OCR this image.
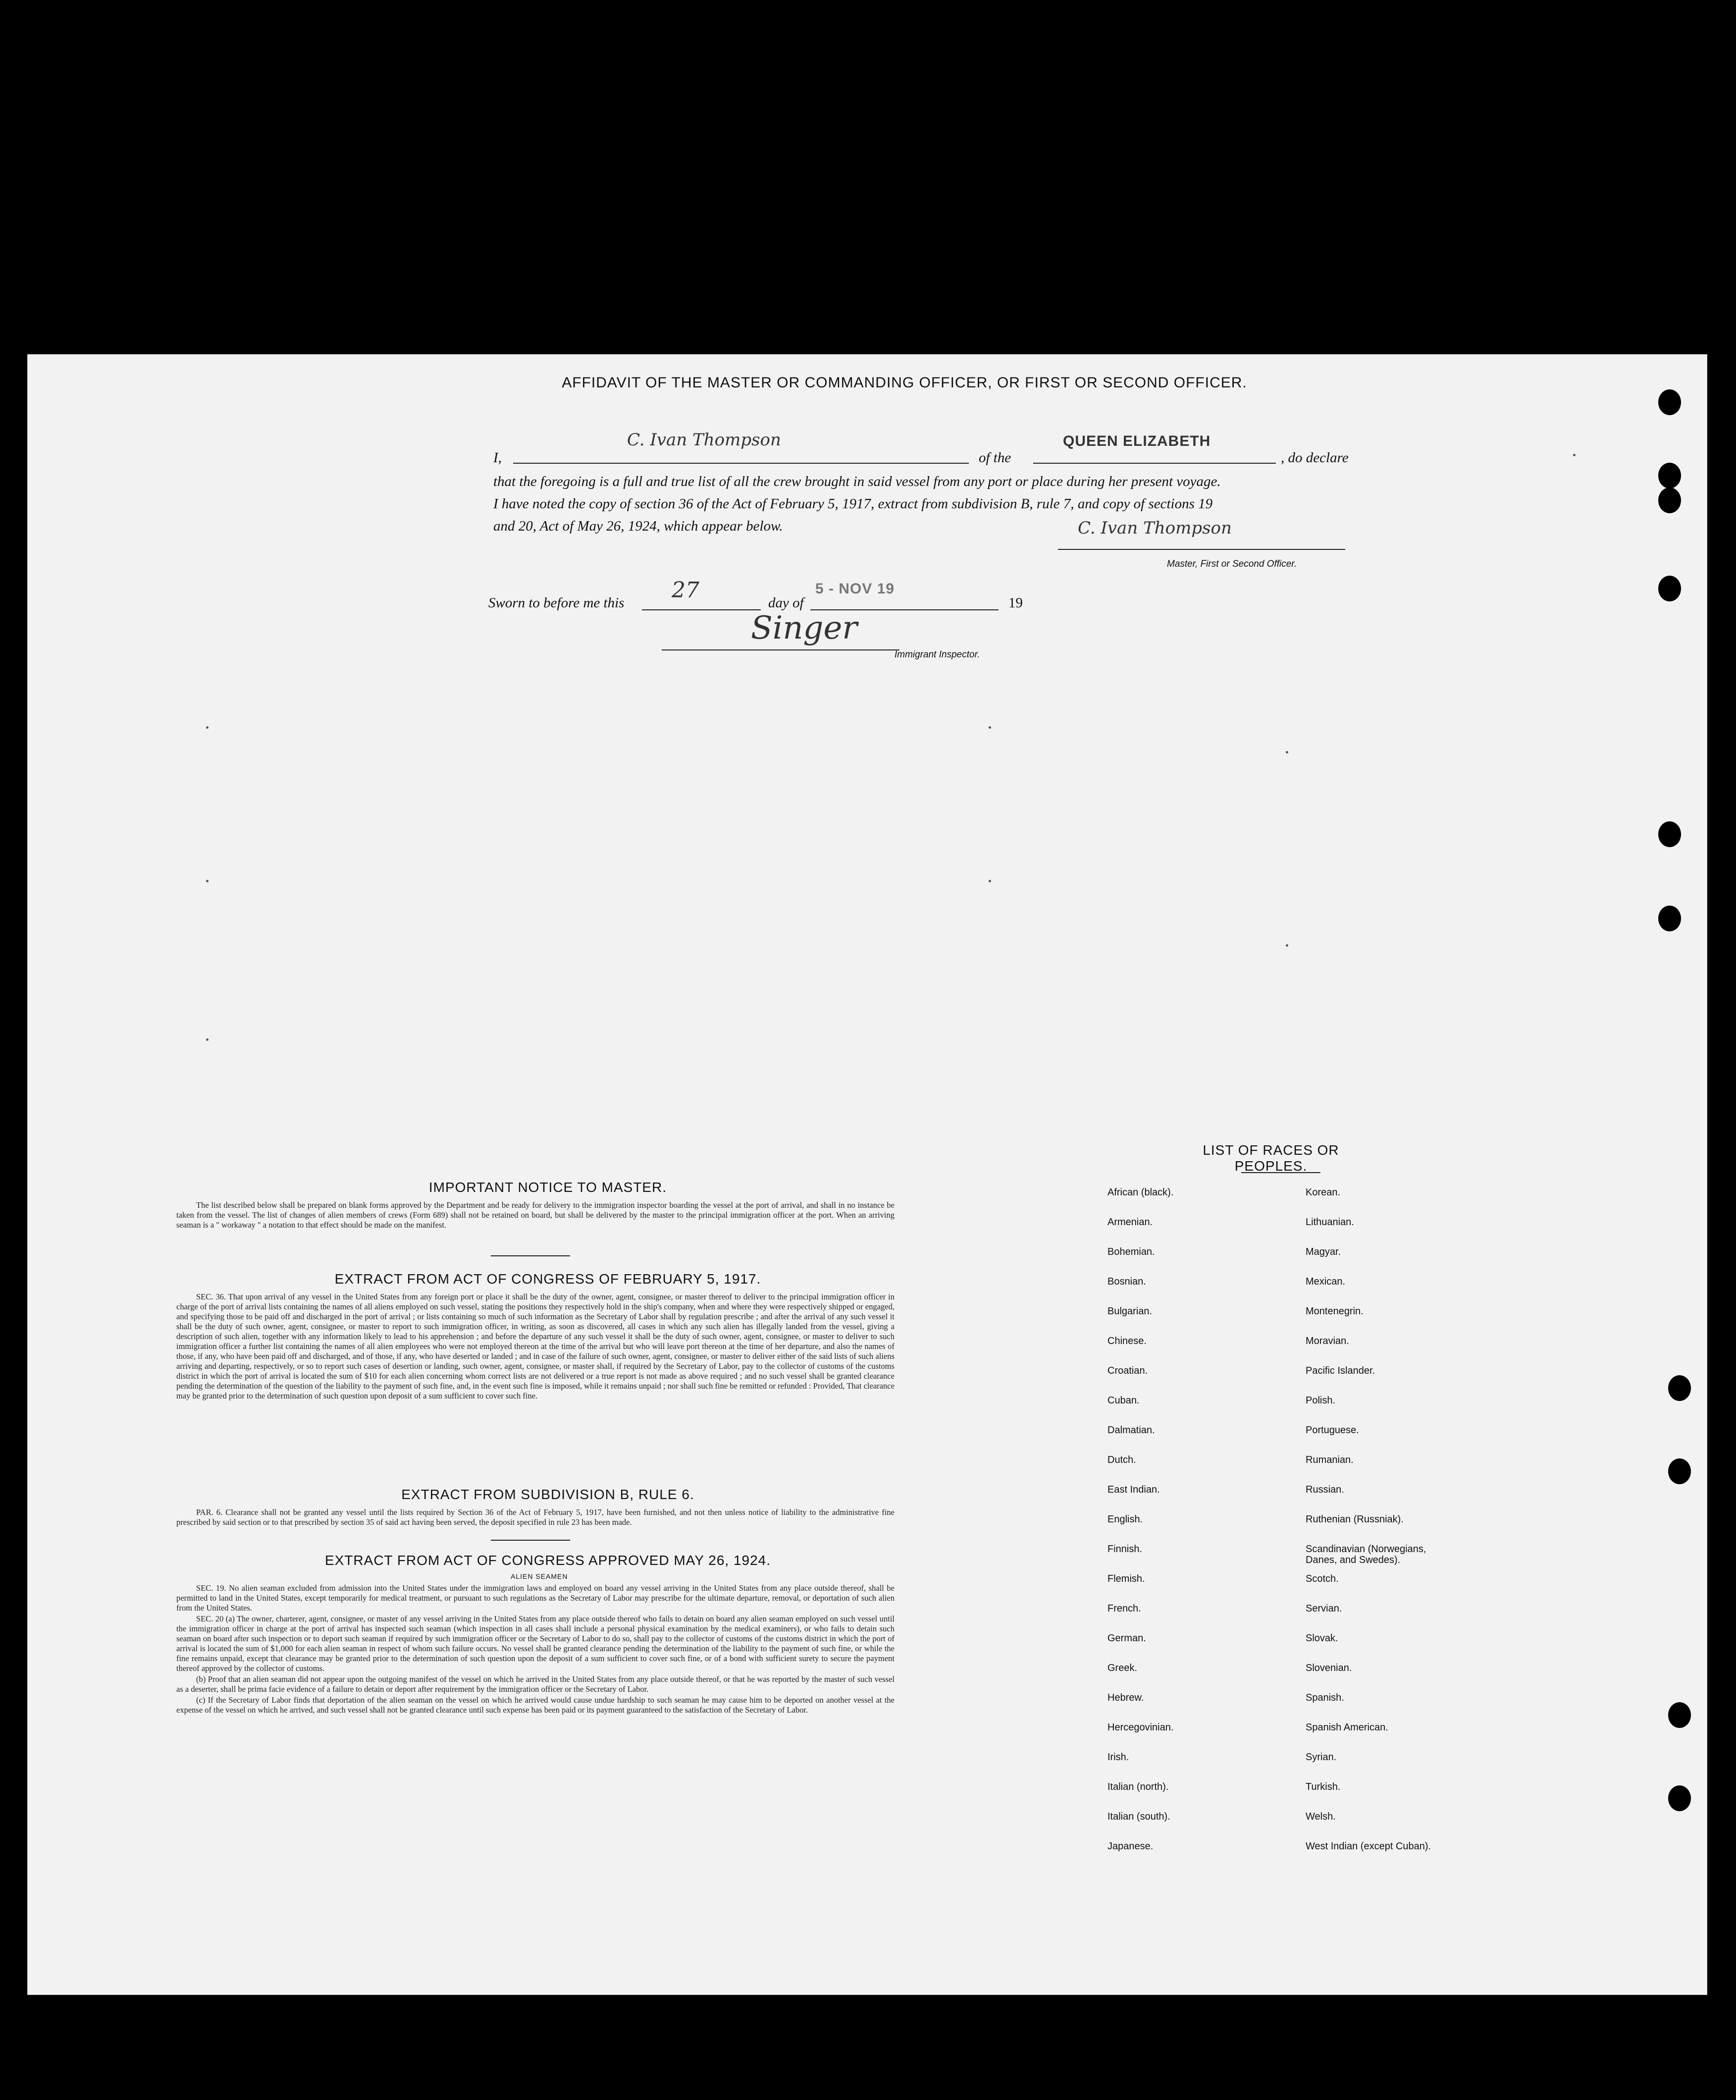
AFFIDAVIT OF THE MASTER OR COMMANDING OFFICER, OR FIRST OR SECOND OFFICER.
I,
C. Ivan Thompson
of the
QUEEN ELIZABETH
, do declare
that the foregoing is a full and true list of all the crew brought in said vessel from any port or place during her present voyage.
I have noted the copy of section 36 of the Act of February 5, 1917, extract from subdivision B, rule 7, and copy of sections 19
and 20, Act of May 26, 1924, which appear below.	C. Ivan Thompson
Master, First or Second Officer.
Sworn to before me this 27	day of
5 - NOV 19
19
Singer
Immigrant Inspector.
IMPORTANT NOTICE TO MASTER.

The list described below shall be prepared on blank forms approved by the Department and be ready for delivery to the immigration inspector boarding the vessel at the port of arrival, and shall in no instance be taken from the vessel. The list of changes of alien members of crews (Form 689) shall not be retained on board, but shall be delivered by the master to the principal immigration officer at the port. When an arriving seaman is a " workaway " a notation to that effect should be made on the manifest.

EXTRACT FROM ACT OF CONGRESS OF FEBRUARY 5, 1917.

SEC. 36. That upon arrival of any vessel in the United States from any foreign port or place it shall be the duty of the owner, agent, consignee, or master thereof to deliver to the principal immigration officer in charge of the port of arrival lists containing the names of all aliens employed on such vessel, stating the positions they respectively hold in the ship's company, when and where they were respectively shipped or engaged, and specifying those to be paid off and discharged in the port of arrival ; or lists containing so much of such information as the Secretary of Labor shall by regulation prescribe ; and after the arrival of any such vessel it shall be the duty of such owner, agent, consignee, or master to report to such immigration officer, in writing, as soon as discovered, all cases in which any such alien has illegally landed from the vessel, giving a description of such alien, together with any information likely to lead to his apprehension ; and before the departure of any such vessel it shall be the duty of such owner, agent, consignee, or master to deliver to such immigration officer a further list containing the names of all alien employees who were not employed thereon at the time of the arrival but who will leave port thereon at the time of her departure, and also the names of those, if any, who have been paid off and discharged, and of those, if any, who have deserted or landed ; and in case of the failure of such owner, agent, consignee, or master to deliver either of the said lists of such aliens arriving and departing, respectively, or so to report such cases of desertion or landing, such owner, agent, consignee, or master shall, if required by the Secretary of Labor, pay to the collector of customs of the customs district in which the port of arrival is located the sum of $10 for each alien concerning whom correct lists are not delivered or a true report is not made as above required ; and no such vessel shall be granted clearance pending the determination of the question of the liability to the payment of such fine, and, in the event such fine is imposed, while it remains unpaid ; nor shall such fine be remitted or refunded : Provided, That clearance may be granted prior to the determination of such question upon deposit of a sum sufficient to cover such fine.

EXTRACT FROM SUBDIVISION B, RULE 6.

PAR. 6. Clearance shall not be granted any vessel until the lists required by Section 36 of the Act of February 5, 1917, have been furnished, and not then unless notice of liability to the administrative fine prescribed by said section or to that prescribed by section 35 of said act having been served, the deposit specified in rule 23 has been made.

EXTRACT FROM ACT OF CONGRESS APPROVED MAY 26, 1924.
ALIEN SEAMEN

SEC. 19. No alien seaman excluded from admission into the United States under the immigration laws and employed on board any vessel arriving in the United States from any place outside thereof, shall be permitted to land in the United States, except temporarily for medical treatment, or pursuant to such regulations as the Secretary of Labor may prescribe for the ultimate departure, removal, or deportation of such alien from the United States.

SEC. 20 (a) The owner, charterer, agent, consignee, or master of any vessel arriving in the United States from any place outside thereof who fails to detain on board any alien seaman employed on such vessel until the immigration officer in charge at the port of arrival has inspected such seaman (which inspection in all cases shall include a personal physical examination by the medical examiners), or who fails to detain such seaman on board after such inspection or to deport such seaman if required by such immigration officer or the Secretary of Labor to do so, shall pay to the collector of customs of the customs district in which the port of arrival is located the sum of $1,000 for each alien seaman in respect of whom such failure occurs. No vessel shall be granted clearance pending the determination of the liability to the payment of such fine, or while the fine remains unpaid, except that clearance may be granted prior to the determination of such question upon the deposit of a sum sufficient to cover such fine, or of a bond with sufficient surety to secure the payment thereof approved by the collector of customs.

(b) Proof that an alien seaman did not appear upon the outgoing manifest of the vessel on which he arrived in the United States from any place outside thereof, or that he was reported by the master of such vessel as a deserter, shall be prima facie evidence of a failure to detain or deport after requirement by the immigration officer or the Secretary of Labor.

(c) If the Secretary of Labor finds that deportation of the alien seaman on the vessel on which he arrived would cause undue hardship to such seaman he may cause him to be deported on another vessel at the expense of the vessel on which he arrived, and such vessel shall not be granted clearance until such expense has been paid or its payment guaranteed to the satisfaction of the Secretary of Labor.

LIST OF RACES OR PEOPLES.
African (black).
Armenian.
Bohemian.
Bosnian.
Bulgarian.
Chinese.
Croatian.
Cuban.
Dalmatian.
Dutch.
East Indian.
English.
Finnish.
Flemish.
French.
German.
Greek.
Hebrew.
Hercegovinian.
Irish.
Italian (north).
Italian (south).
Japanese.
Korean.
Lithuanian.
Magyar.
Mexican.
Montenegrin.
Moravian.
Pacific Islander.
Polish.
Portuguese.
Rumanian.
Russian.
Ruthenian (Russniak).
Scandinavian (Norwegians,
Danes, and Swedes).
Scotch.
Servian.
Slovak.
Slovenian.
Spanish.
Spanish American.
Syrian.
Turkish.
Welsh.
West Indian (except Cuban).
